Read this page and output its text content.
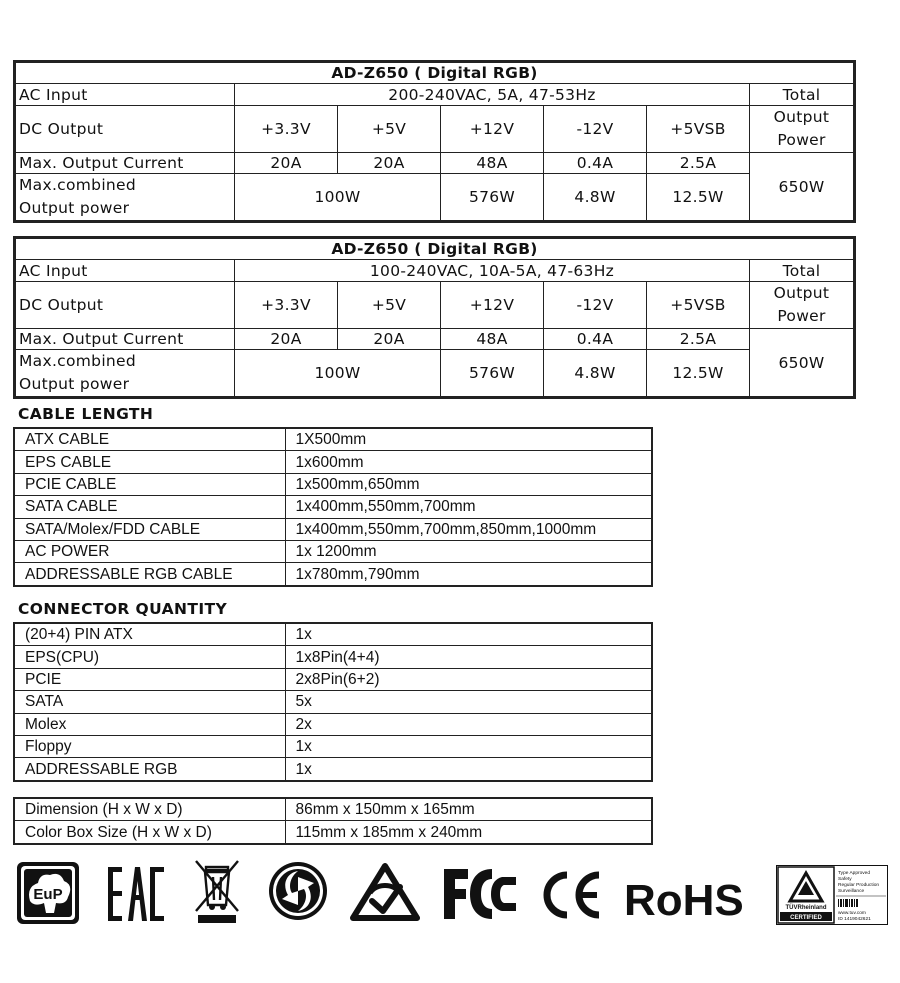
AD-Z650 ( Digital RGB)						
AC Input	200-240VAC, 5A, 47-53Hz					Total
DC Output	+3.3V	+5V	+12V	-12V	+5VSB	Output
Power
Max. Output Current	20A	20A	48A	0.4A	2.5A	650W
Max.combined
Output power	100W		576W	4.8W	12.5W	
AD-Z650 ( Digital RGB)						
AC Input	100-240VAC, 10A-5A, 47-63Hz					Total
DC Output	+3.3V	+5V	+12V	-12V	+5VSB	Output
Power
Max. Output Current	20A	20A	48A	0.4A	2.5A	650W
Max.combined
Output power	100W		576W	4.8W	12.5W	
CABLE LENGTH
ATX CABLE	1X500mm
EPS CABLE	1x600mm
PCIE CABLE	1x500mm,650mm
SATA CABLE	1x400mm,550mm,700mm
SATA/Molex/FDD CABLE	1x400mm,550mm,700mm,850mm,1000mm
AC POWER	1x 1200mm
ADDRESSABLE RGB CABLE	1x780mm,790mm
CONNECTOR QUANTITY
(20+4) PIN ATX	1x
EPS(CPU)	1x8Pin(4+4)
PCIE	2x8Pin(6+2)
SATA	5x
Molex	2x
Floppy	1x
ADDRESSABLE RGB	1x
Dimension (H x W x D)	86mm x 150mm x 165mm
Color Box Size (H x W x D)	115mm x 185mm x 240mm
EuP	RoHS	TÜVRheinland
CERTIFIED
Type Approved
Safety
Regular Production
Surveillance
www.tuv.com
ID 1419042621
